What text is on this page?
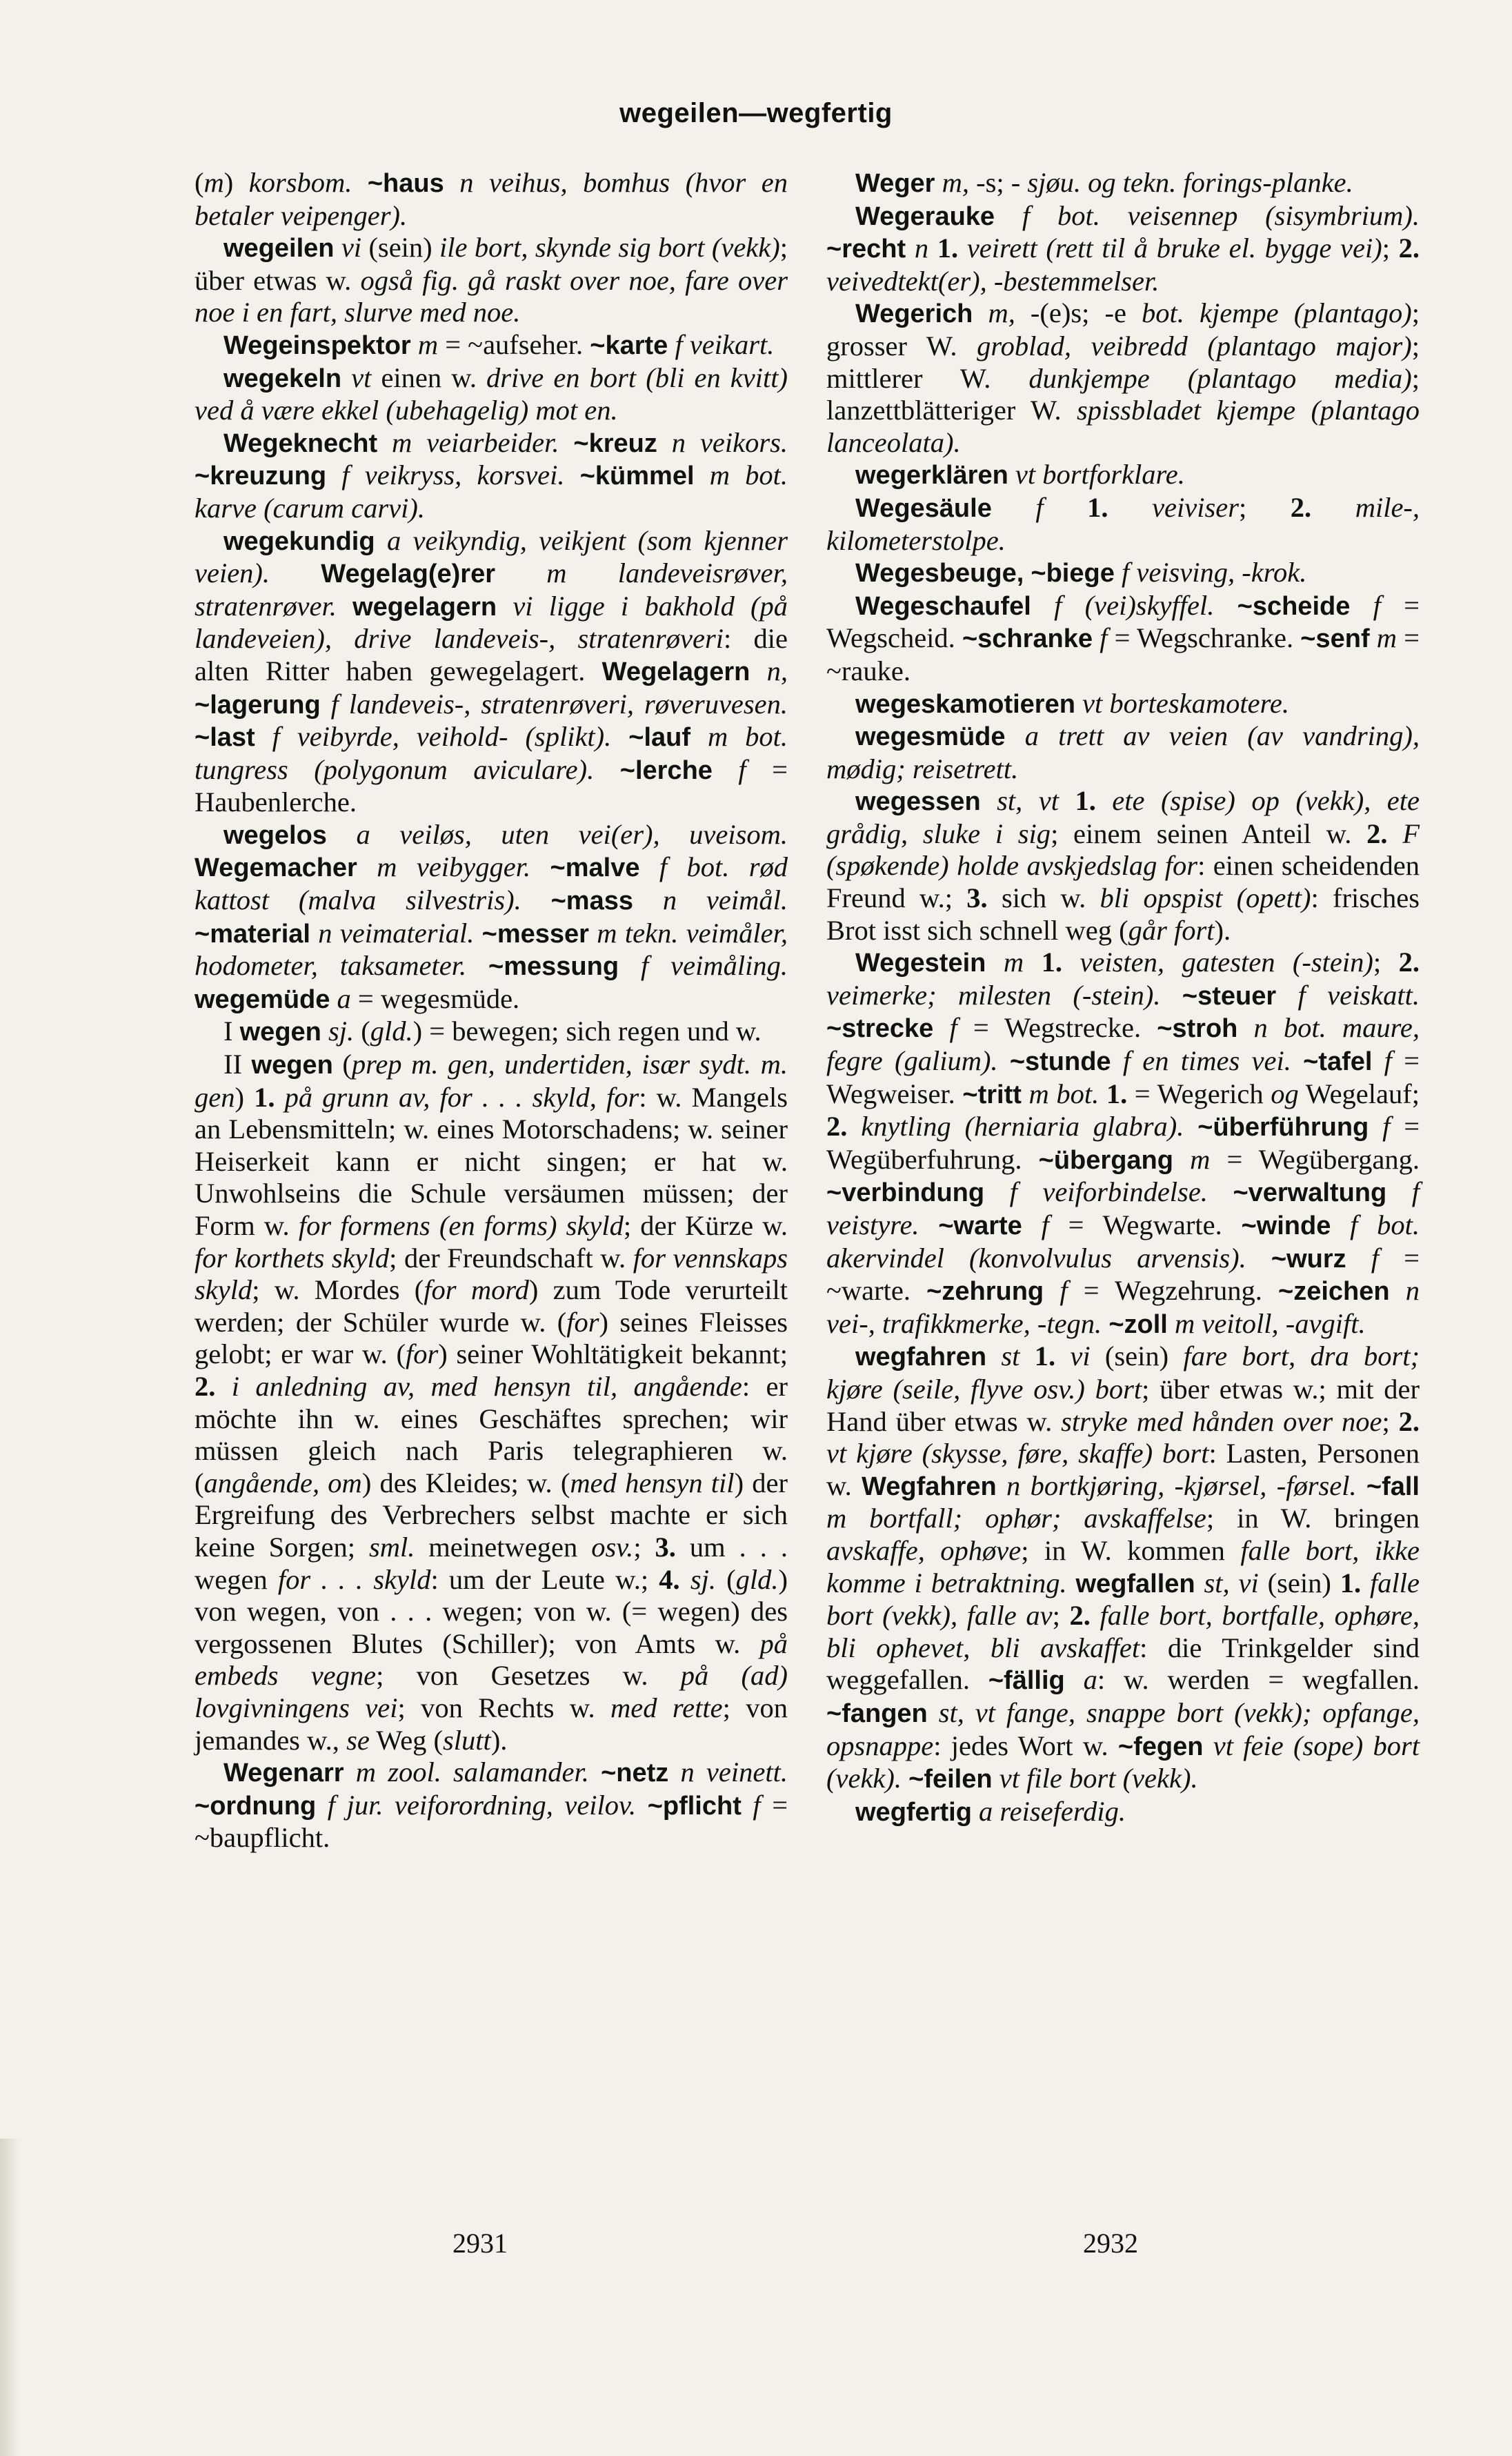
wegeilen—wegfertig

(m) korsbom. ~haus n veihus, bomhus (hvor en betaler veipenger).

wegeilen vi (sein) ile bort, skynde sig bort (vekk); über etwas w. også fig. gå raskt over noe, fare over noe i en fart, slurve med noe.

Wegeinspektor m = ~aufseher. ~karte f veikart.

wegekeln vt einen w. drive en bort (bli en kvitt) ved å være ekkel (ubehagelig) mot en.

Wegeknecht m veiarbeider. ~kreuz n veikors. ~kreuzung f veikryss, korsvei. ~kümmel m bot. karve (carum carvi).

wegekundig a veikyndig, veikjent (som kjenner veien). Wegelag(e)rer m landeveisrøver, stratenrøver. wegelagern vi ligge i bakhold (på landeveien), drive landeveis-, stratenrøveri: die alten Ritter haben gewegelagert. Wegelagern n, ~lagerung f landeveis-, stratenrøveri, røveruvesen. ~last f veibyrde, veihold- (splikt). ~lauf m bot. tungress (polygonum aviculare). ~lerche f = Haubenlerche.

wegelos a veiløs, uten vei(er), uveisom. Wegemacher m veibygger. ~malve f bot. rød kattost (malva silvestris). ~mass n veimål. ~material n veimaterial. ~messer m tekn. veimåler, hodometer, taksameter. ~messung f veimåling. wegemüde a = wegesmüde.

I wegen sj. (gld.) = bewegen; sich regen und w.

II wegen (prep m. gen, undertiden, især sydt. m. gen) 1. på grunn av, for . . . skyld, for: w. Mangels an Lebensmitteln; w. eines Motorschadens; w. seiner Heiserkeit kann er nicht singen; er hat w. Unwohlseins die Schule versäumen müssen; der Form w. for formens (en forms) skyld; der Kürze w. for korthets skyld; der Freundschaft w. for vennskaps skyld; w. Mordes (for mord) zum Tode verurteilt werden; der Schüler wurde w. (for) seines Fleisses gelobt; er war w. (for) seiner Wohltätigkeit bekannt; 2. i anledning av, med hensyn til, angående: er möchte ihn w. eines Geschäftes sprechen; wir müssen gleich nach Paris telegraphieren w. (angående, om) des Kleides; w. (med hensyn til) der Ergreifung des Verbrechers selbst machte er sich keine Sorgen; sml. meinetwegen osv.; 3. um . . . wegen for . . . skyld: um der Leute w.; 4. sj. (gld.) von wegen, von . . . wegen; von w. (= wegen) des vergossenen Blutes (Schiller); von Amts w. på embeds vegne; von Gesetzes w. på (ad) lovgivningens vei; von Rechts w. med rette; von jemandes w., se Weg (slutt).

Wegenarr m zool. salamander. ~netz n veinett. ~ordnung f jur. veiforordning, veilov. ~pflicht f = ~baupflicht.

Weger m, -s; - sjøu. og tekn. forings-planke.

Wegerauke f bot. veisennep (sisymbrium). ~recht n 1. veirett (rett til å bruke el. bygge vei); 2. veivedtekt(er), -bestemmelser.

Wegerich m, -(e)s; -e bot. kjempe (plantago); grosser W. groblad, veibredd (plantago major); mittlerer W. dunkjempe (plantago media); lanzettblätteriger W. spissbladet kjempe (plantago lanceolata).

wegerklären vt bortforklare.

Wegesäule f 1. veiviser; 2. mile-, kilometerstolpe.

Wegesbeuge, ~biege f veisving, -krok.

Wegeschaufel f (vei)skyffel. ~scheide f = Wegscheid. ~schranke f = Wegschranke. ~senf m = ~rauke.

wegeskamotieren vt borteskamotere.

wegesmüde a trett av veien (av vandring), mødig; reisetrett.

wegessen st, vt 1. ete (spise) op (vekk), ete grådig, sluke i sig; einem seinen Anteil w. 2. F (spøkende) holde avskjedslag for: einen scheidenden Freund w.; 3. sich w. bli opspist (opett): frisches Brot isst sich schnell weg (går fort).

Wegestein m 1. veisten, gatesten (-stein); 2. veimerke; milesten (-stein). ~steuer f veiskatt. ~strecke f = Wegstrecke. ~stroh n bot. maure, fegre (galium). ~stunde f en times vei. ~tafel f = Wegweiser. ~tritt m bot. 1. = Wegerich og Wegelauf; 2. knytling (herniaria glabra). ~überführung f = Wegüberfuhrung. ~übergang m = Wegübergang. ~verbindung f veiforbindelse. ~verwaltung f veistyre. ~warte f = Wegwarte. ~winde f bot. akervindel (konvolvulus arvensis). ~wurz f = ~warte. ~zehrung f = Wegzehrung. ~zeichen n vei-, trafikkmerke, -tegn. ~zoll m veitoll, -avgift.

wegfahren st 1. vi (sein) fare bort, dra bort; kjøre (seile, flyve osv.) bort; über etwas w.; mit der Hand über etwas w. stryke med hånden over noe; 2. vt kjøre (skysse, føre, skaffe) bort: Lasten, Personen w. Wegfahren n bortkjøring, -kjørsel, -førsel. ~fall m bortfall; ophør; avskaffelse; in W. bringen avskaffe, ophøve; in W. kommen falle bort, ikke komme i betraktning. wegfallen st, vi (sein) 1. falle bort (vekk), falle av; 2. falle bort, bortfalle, ophøre, bli ophevet, bli avskaffet: die Trinkgelder sind weggefallen. ~fällig a: w. werden = wegfallen. ~fangen st, vt fange, snappe bort (vekk); opfange, opsnappe: jedes Wort w. ~fegen vt feie (sope) bort (vekk). ~feilen vt file bort (vekk).

wegfertig a reiseferdig.

2931	2932
